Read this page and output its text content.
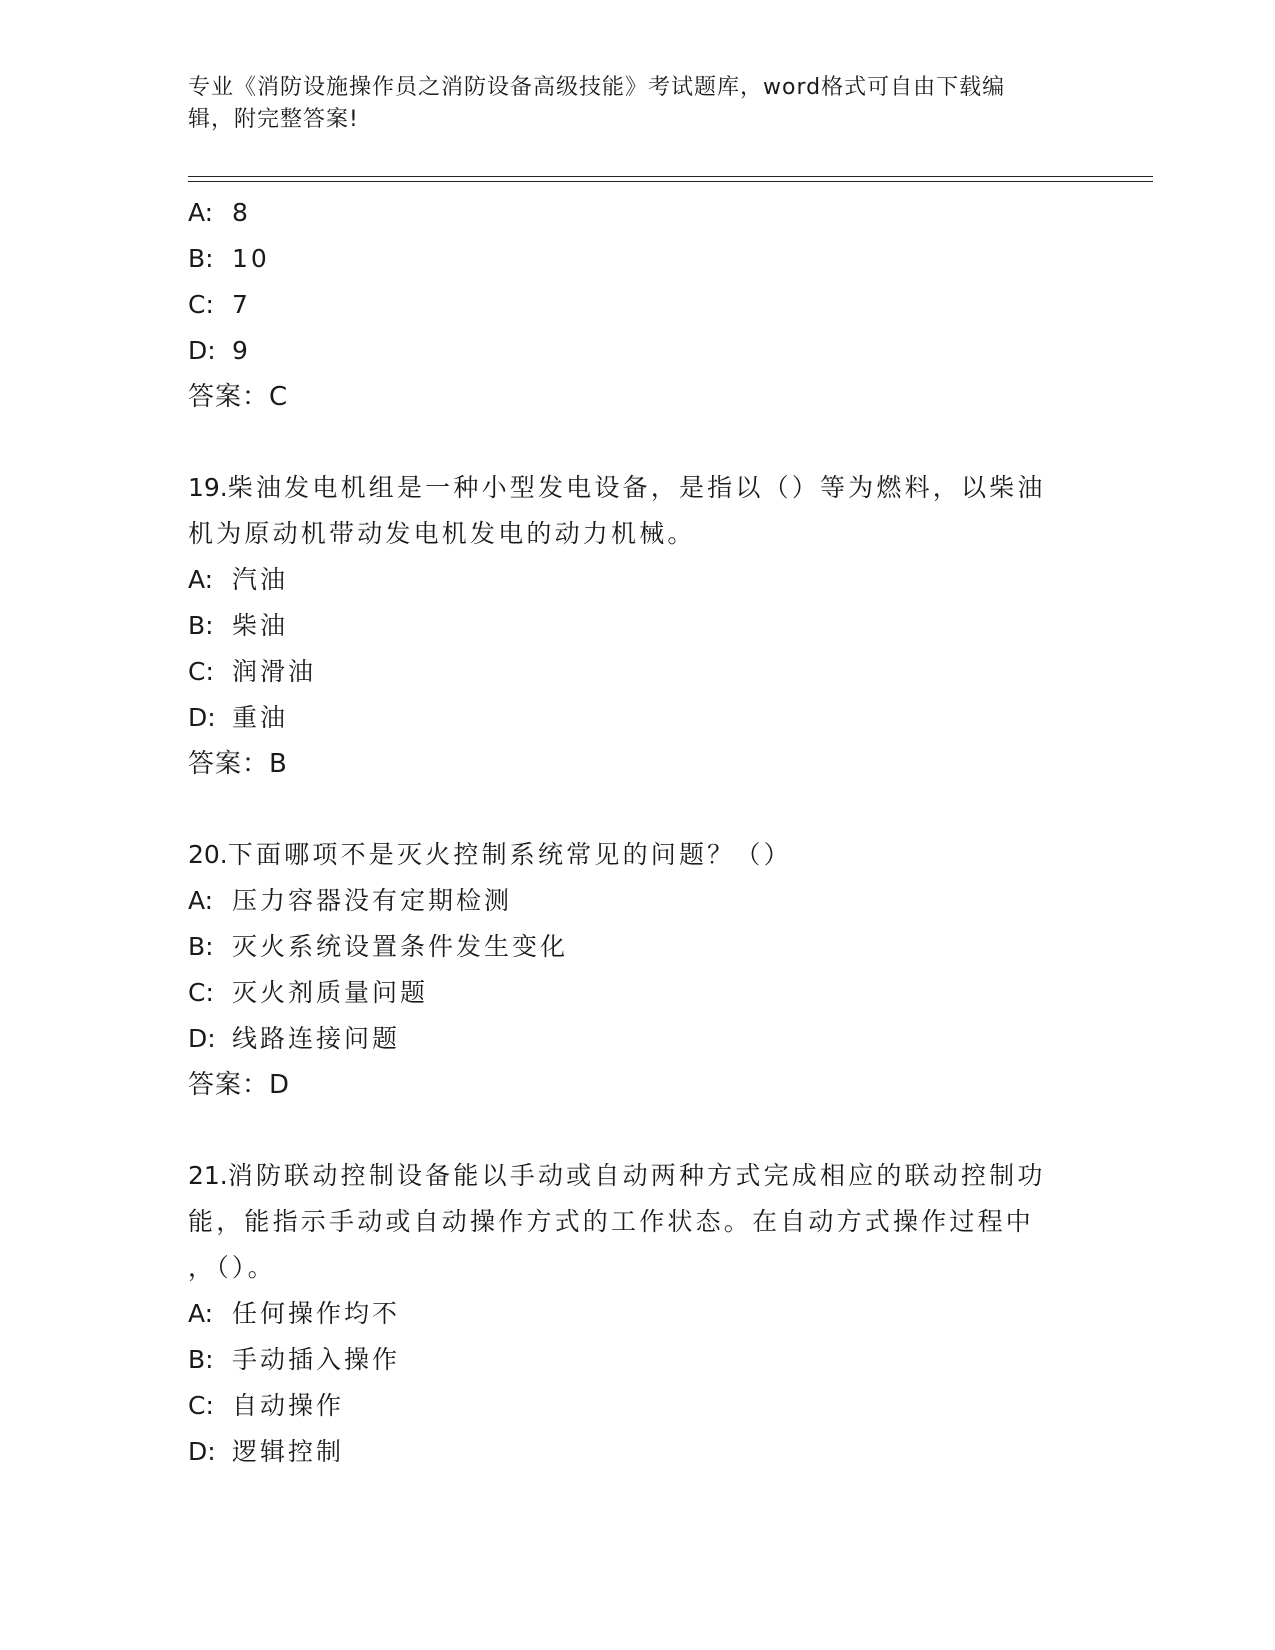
专业《消防设施操作员之消防设备高级技能》考试题库，word格式可自由下载编
辑，附完整答案!
A: 8
B: 10
C: 7
D: 9
答案：C
19.柴油发电机组是一种小型发电设备，是指以（）等为燃料，以柴油
机为原动机带动发电机发电的动力机械。
A: 汽油
B: 柴油
C: 润滑油
D: 重油
答案：B
20.下面哪项不是灭火控制系统常见的问题？（）
A: 压力容器没有定期检测
B: 灭火系统设置条件发生变化
C: 灭火剂质量问题
D: 线路连接问题
答案：D
21.消防联动控制设备能以手动或自动两种方式完成相应的联动控制功
能，能指示手动或自动操作方式的工作状态。在自动方式操作过程中
，（）。
A: 任何操作均不
B: 手动插入操作
C: 自动操作
D: 逻辑控制
